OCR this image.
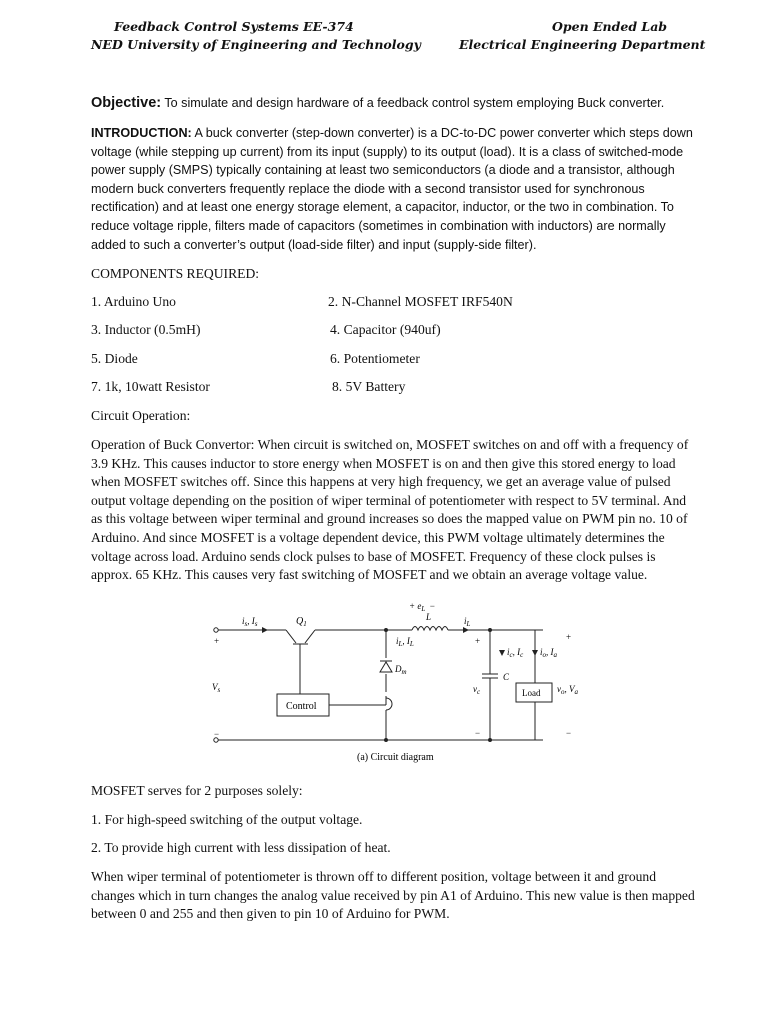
Feedback Control Systems EE-374	Open Ended Lab
NED University of Engineering and Technology	Electrical Engineering Department

Objective: To simulate and design hardware of a feedback control system employing Buck converter.

INTRODUCTION: A buck converter (step-down converter) is a DC-to-DC power converter which steps down voltage (while stepping up current) from its input (supply) to its output (load). It is a class of switched-mode power supply (SMPS) typically containing at least two semiconductors (a diode and a transistor, although modern buck converters frequently replace the diode with a second transistor used for synchronous rectification) and at least one energy storage element, a capacitor, inductor, or the two in combination. To reduce voltage ripple, filters made of capacitors (sometimes in combination with inductors) are normally added to such a converter’s output (load-side filter) and input (supply-side filter).

COMPONENTS REQUIRED:
1. Arduino Uno	2. N-Channel MOSFET IRF540N
3. Inductor (0.5mH)	4. Capacitor (940uf)
5. Diode	6. Potentiometer
7. 1k, 10watt Resistor	8. 5V Battery
Circuit Operation:

Operation of Buck Convertor: When circuit is switched on, MOSFET switches on and off with a frequency of 3.9 KHz. This causes inductor to store energy when MOSFET is on and then give this stored energy to load when MOSFET switches off. Since this happens at very high frequency, we get an average value of pulsed output voltage depending on the position of wiper terminal of potentiometer with respect to 5V terminal. And as this voltage between wiper terminal and ground increases so does the mapped value on PWM pin no. 10 of Arduino. And since MOSFET is a voltage dependent device, this PWM voltage ultimately determines the voltage across load. Arduino sends clock pulses to base of MOSFET. Frequency of these clock pulses is approx. 65 KHz. This causes very fast switching of MOSFET and we obtain an average voltage value.

$i_s$, $I_s$	$Q_1$
+ $e_L$ −
L	$i_L$
$i_L$, $I_L$
$D_m$
$i_c$, $I_c$ $i_o$, $I_a$
C
$V_s$	$v_c$	$v_o$, $V_a$
Control
Load
+
−
+
−
+
−
(a) Circuit diagram
MOSFET serves for 2 purposes solely:
1. For high-speed switching of the output voltage.
2. To provide high current with less dissipation of heat.

When wiper terminal of potentiometer is thrown off to different position, voltage between it and ground changes which in turn changes the analog value received by pin A1 of Arduino. This new value is then mapped between 0 and 255 and then given to pin 10 of Arduino for PWM.
